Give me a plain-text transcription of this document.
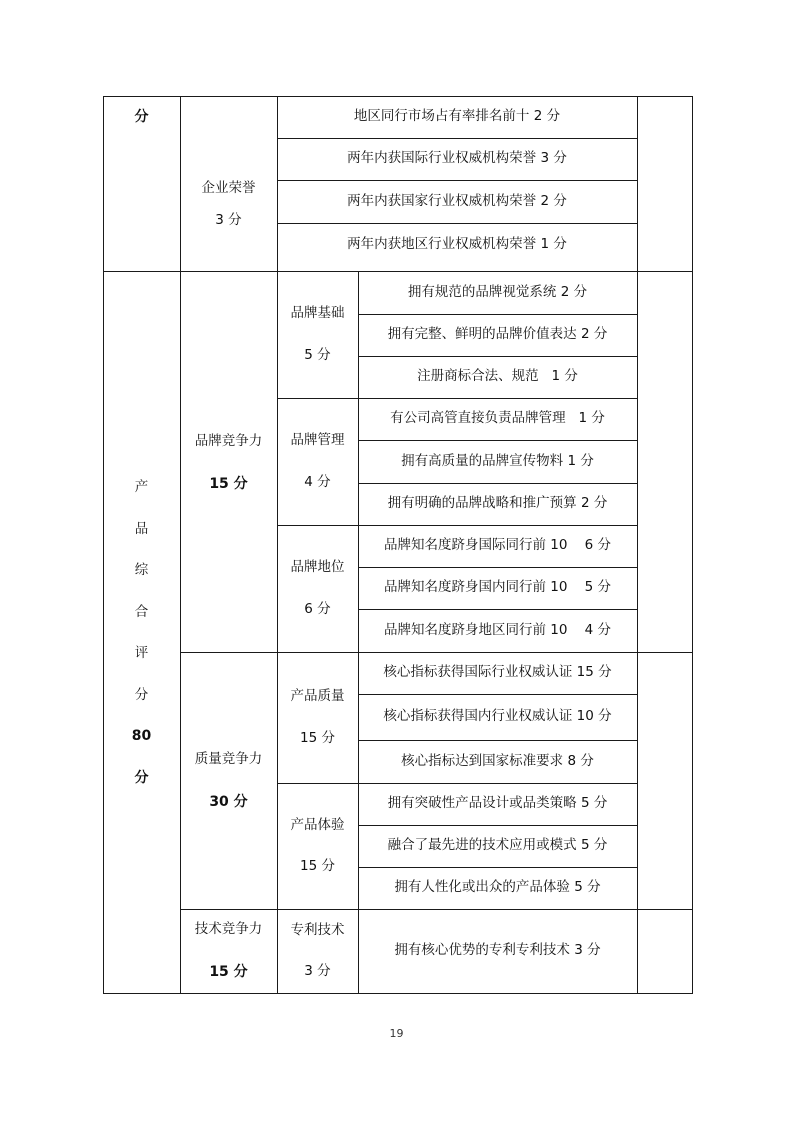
分	地区同行市场占有率排名前十 2 分
企业荣誉
3 分
两年内获国际行业权威机构荣誉 3 分
两年内获国家行业权威机构荣誉 2 分
两年内获地区行业权威机构荣誉 1 分
产
品
综
合
评
分
80
分
品牌竞争力
15 分
品牌基础
5 分
拥有规范的品牌视觉系统 2 分
拥有完整、鲜明的品牌价值表达 2 分
注册商标合法、规范   1 分
品牌管理
4 分
有公司高管直接负责品牌管理   1 分
拥有高质量的品牌宣传物料 1 分
拥有明确的品牌战略和推广预算 2 分
品牌地位
6 分
品牌知名度跻身国际同行前 10    6 分
品牌知名度跻身国内同行前 10    5 分
品牌知名度跻身地区同行前 10    4 分
质量竞争力
30 分
产品质量
15 分
核心指标获得国际行业权威认证 15 分
核心指标获得国内行业权威认证 10 分
核心指标达到国家标准要求 8 分
产品体验
15 分
拥有突破性产品设计或品类策略 5 分
融合了最先进的技术应用或模式 5 分
拥有人性化或出众的产品体验 5 分
技术竞争力
15 分
专利技术
3 分
拥有核心优势的专利专利技术 3 分
19
